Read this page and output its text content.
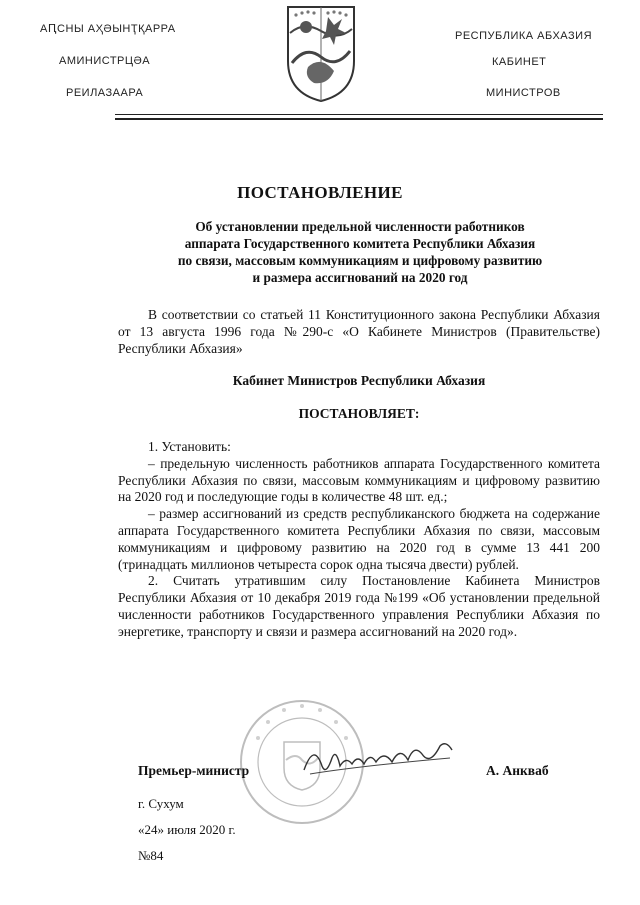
АԤСНЫ АҲӘЫНҬҚАРРА
АМИНИСТРЦӘА
РЕИЛАЗААРА
РЕСПУБЛИКА АБХАЗИЯ
КАБИНЕТ
МИНИСТРОВ
ПОСТАНОВЛЕНИЕ
Об установлении предельной численности работников
аппарата Государственного комитета Республики Абхазия
по связи, массовым коммуникациям и цифровому развитию
и размера ассигнований на 2020 год

В соответствии со статьей 11 Конституционного закона Республики Абхазия от 13 августа 1996 года №290-с «О Кабинете Министров (Правительстве) Республики Абхазия»

Кабинет Министров Республики Абхазия

ПОСТАНОВЛЯЕТ:

1. Установить:

– предельную численность работников аппарата Государственного комитета Республики Абхазия по связи, массовым коммуникациям и цифровому развитию на 2020 год и последующие годы в количестве 48 шт. ед.;

– размер ассигнований из средств республиканского бюджета на содержание аппарата Государственного комитета Республики Абхазия по связи, массовым коммуникациям и цифровому развитию на 2020 год в сумме 13 441 200 (тринадцать миллионов четыреста сорок одна тысяча двести) рублей.

2. Считать утратившим силу Постановление Кабинета Министров Республики Абхазия от 10 декабря 2019 года №199 «Об установлении предельной численности работников Государственного управления Республики Абхазия по энергетике, транспорту и связи и размера ассигнований на 2020 год».

Премьер-министр	А. Анкваб
г. Сухум
«24» июля 2020 г.
№84
